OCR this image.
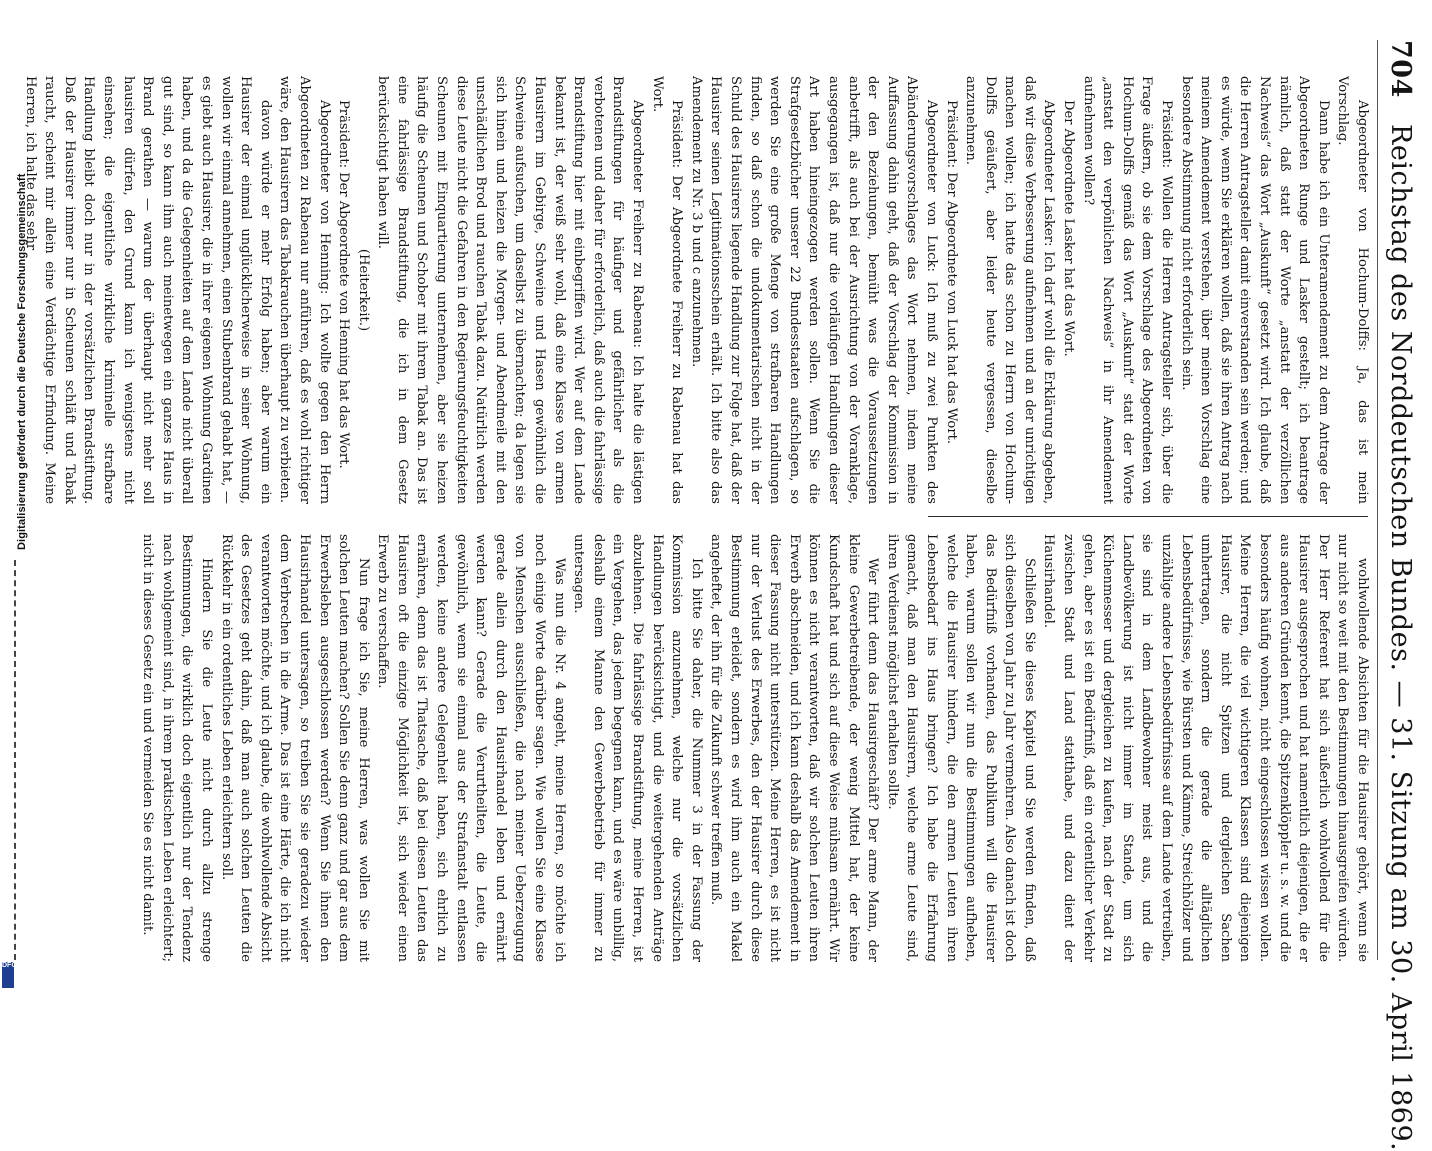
704
Reichstag des Norddeutschen Bundes. — 31. Sitzung am 30. April 1869.

Abgeordneter von Hochum-Dolffs: Ja, das ist mein Vorschlag.

Dann habe ich ein Unteramendement zu dem Antrage der Abgeordneten Runge und Lasker gestellt; ich beantrage nämlich, daß statt der Worte „anstatt der verzöllichen Nachweis“ das Wort „Auskunft“ gesetzt wird. Ich glaube, daß die Herren Antragsteller damit einverstanden sein werden; und es würde, wenn Sie erklären wollen, daß sie ihren Antrag nach meinem Amendement verstehen, über meinen Vorschlag eine besondere Abstimmung nicht erforderlich sein.

Präsident: Wollen die Herren Antragsteller sich, über die Frage äußern, ob sie dem Vorschlage des Abgeordneten von Hochum-Dolffs gemäß das Wort „Auskunft“ statt der Worte „anstatt den verpönlichen Nachweis“ in ihr Amendement aufnehmen wollen?

Der Abgeordnete Lasker hat das Wort.

Abgeordneter Lasker: Ich darf wohl die Erklärung abgeben, daß wir diese Verbesserung aufnehmen und an der unrichtigen machen wollen; ich hatte das schon zu Herrn von Hochum-Dolffs geäußert, aber leider heute vergessen, dieselbe anzunehmen.

Präsident: Der Abgeordnete von Luck hat das Wort.

Abgeordneter von Luck: Ich muß zu zwei Punkten des Abänderungsvorschlages das Wort nehmen, indem meine Auffassung dahin geht, daß der Vorschlag der Kommission in der den Beziehungen, bemüht was die Voraussetzungen anbetrifft, als auch bei der Ausrichtung von der Voranklage, ausgegangen ist, daß nur die vorläufigen Handlungen dieser Art haben hineingezogen werden sollen. Wenn Sie die Strafgesetzbücher unserer 22 Bundesstaaten aufschlagen, so werden Sie eine große Menge von strafbaren Handlungen finden, so daß schon die undokumentarischen nicht in der Schuld des Hausirers liegende Handlung zur Folge hat, daß der Hausirer seinen Legitimationsschein erhält. Ich bitte also das Amendement zu Nr. 3 b und c anzunehmen.

Präsident: Der Abgeordnete Freiherr zu Rabenau hat das Wort.

Abgeordneter Freiherr zu Rabenau: Ich halte die lästigen Brandstiftungen für häufiger und gefährlicher als die verbotenen und daher für erforderlich, daß auch die fahrlässige Brandstiftung hier mit einbegriffen wird. Wer auf dem Lande bekannt ist, der weiß sehr wohl, daß eine Klasse von armen Hausirern im Gebirge, Schweine und Hasen gewöhnlich die Schweine aufsuchen, um daselbst zu übernachten; da legen sie sich hinein und heizen die Morgen- und Abendmeile mit den unschädlichen Brod und rauchen Tabak dazu. Natürlich werden diese Leute nicht die Gefahren in den Regierungsfeuchtigkeiten Scheunen mit Einquartierung unternehmen, aber sie heizen häufig die Scheunen und Schober mit ihrem Tabak an. Das ist eine fahrlässige Brandstiftung, die ich in dem Gesetz berücksichtigt haben will.

(Heiterkeit.)

Präsident: Der Abgeordnete von Henning hat das Wort.

Abgeordneter von Henning: Ich wollte gegen den Herrn Abgeordneten zu Rabenau nur anführen, daß es wohl richtiger wäre, den Hausirern das Tabakrauchen überhaupt zu verbieten.

davon würde er mehr Erfolg haben; aber warum ein Hausirer der einmal unglücklicherweise in seiner Wohnung, wollen wir einmal annehmen, einen Stubenbrand gehabt hat, — es giebt auch Hausirer, die in ihrer eigenen Wohnung Gardinen haben, und da die Gelegenheiten auf dem Lande nicht überall gut sind, so kann ihm auch meinetwegen ein ganzes Haus in Brand gerathen — warum der überhaupt nicht mehr soll hausiren dürfen, den Grund kann ich wenigstens nicht einsehen; die eigentliche wirkliche kriminelle strafbare Handlung bleibt doch nur in der vorsätzlichen Brandstiftung. Daß der Hausirer immer nur in Scheunen schläft und Tabak raucht, scheint mir allein eine Verdächtige Erfindung. Meine Herren, ich halte das sehr

wohlwollende Absichten für die Hausirer gehört, wenn sie nur nicht so weit mit den Bestimmungen hinausgreifen würden. Der Herr Referent hat sich äußerlich wohlwollend für die Hausirer ausgesprochen und hat namentlich diejenigen, die er aus anderen Gründen kennt, die Spitzenklöppler u. s. w. und die besonders häufig wohnen, nicht eingeschlossen wissen wollen. Meine Herren, die viel wichtigeren Klassen sind diejenigen Hausirer, die nicht Spitzen und dergleichen Sachen umhertragen, sondern die gerade die alltäglichen Lebensbedürfnisse, wie Bürsten und Kämme, Streichhölzer und unzählige andere Lebensbedürfnisse auf dem Lande vertreiben, sie sind in dem Landbewohner meist aus, und die Landbevölkerung ist nicht immer im Stande, um sich Küchenmesser und dergleichen zu kaufen, nach der Stadt zu gehen, aber es ist ein Bedürfniß, daß ein ordentlicher Verkehr zwischen Stadt und Land statthabe, und dazu dient der Hausirhandel.

Schließen Sie dieses Kapitel und Sie werden finden, daß sich dieselben von Jahr zu Jahr vermehren. Also danach ist doch das Bedürfniß vorhanden, das Publikum will die Hausirer haben, warum sollen wir nun die Bestimmungen aufheben, welche die Hausirer hindern, die den armen Leuten ihren Lebensbedarf ins Haus bringen? Ich habe die Erfahrung gemacht, daß man den Hausirern, welche arme Leute sind, ihren Verdienst möglichst erhalten sollte.

Wer führt denn das Hausirgeschäft? Der arme Mann, der kleine Gewerbetreibende, der wenig Mittel hat, der keine Kundschaft hat und sich auf diese Weise mühsam ernährt. Wir können es nicht verantworten, daß wir solchen Leuten ihren Erwerb abschneiden, und ich kann deshalb das Amendement in dieser Fassung nicht unterstützen. Meine Herren, es ist nicht nur der Verlust des Erwerbes, den der Hausirer durch diese Bestimmung erleidet, sondern es wird ihm auch ein Makel angeheftet, der ihn für die Zukunft schwer treffen muß.

Ich bitte Sie daher, die Nummer 3 in der Fassung der Kommission anzunehmen, welche nur die vorsätzlichen Handlungen berücksichtigt, und die weitergehenden Anträge abzulehnen. Die fahrlässige Brandstiftung, meine Herren, ist ein Vergehen, das jedem begegnen kann, und es wäre unbillig, deshalb einem Manne den Gewerbebetrieb für immer zu untersagen.

Was nun die Nr. 4 angeht, meine Herren, so möchte ich noch einige Worte darüber sagen. Wie wollen Sie eine Klasse von Menschen ausschließen, die nach meiner Ueberzeugung gerade allein durch den Hausirhandel leben und ernährt werden kann? Gerade die Verurtheilten, die Leute, die gewöhnlich, wenn sie einmal aus der Strafanstalt entlassen werden, keine andere Gelegenheit haben, sich ehrlich zu ernähren, denn das ist Thatsache, daß bei diesen Leuten das Hausiren oft die einzige Möglichkeit ist, sich wieder einen Erwerb zu verschaffen.

Nun frage ich Sie, meine Herren, was wollen Sie mit solchen Leuten machen? Sollen Sie denn ganz und gar aus dem Erwerbsleben ausgeschlossen werden? Wenn Sie ihnen den Hausirhandel untersagen, so treiben Sie sie geradezu wieder dem Verbrechen in die Arme. Das ist eine Härte, die ich nicht verantworten möchte, und ich glaube, die wohlwollende Absicht des Gesetzes geht dahin, daß man auch solchen Leuten die Rückkehr in ein ordentliches Leben erleichtern soll.

Hindern Sie die Leute nicht durch allzu strenge Bestimmungen, die wirklich doch eigentlich nur der Tendenz nach wohlgemeint sind, in ihrem praktischen Leben erleichtert; nicht in dieses Gesetz ein und vermeiden Sie es nicht damit.

Digitalisierung gefördert durch die Deutsche Forschungsgemeinschaft
DFG
